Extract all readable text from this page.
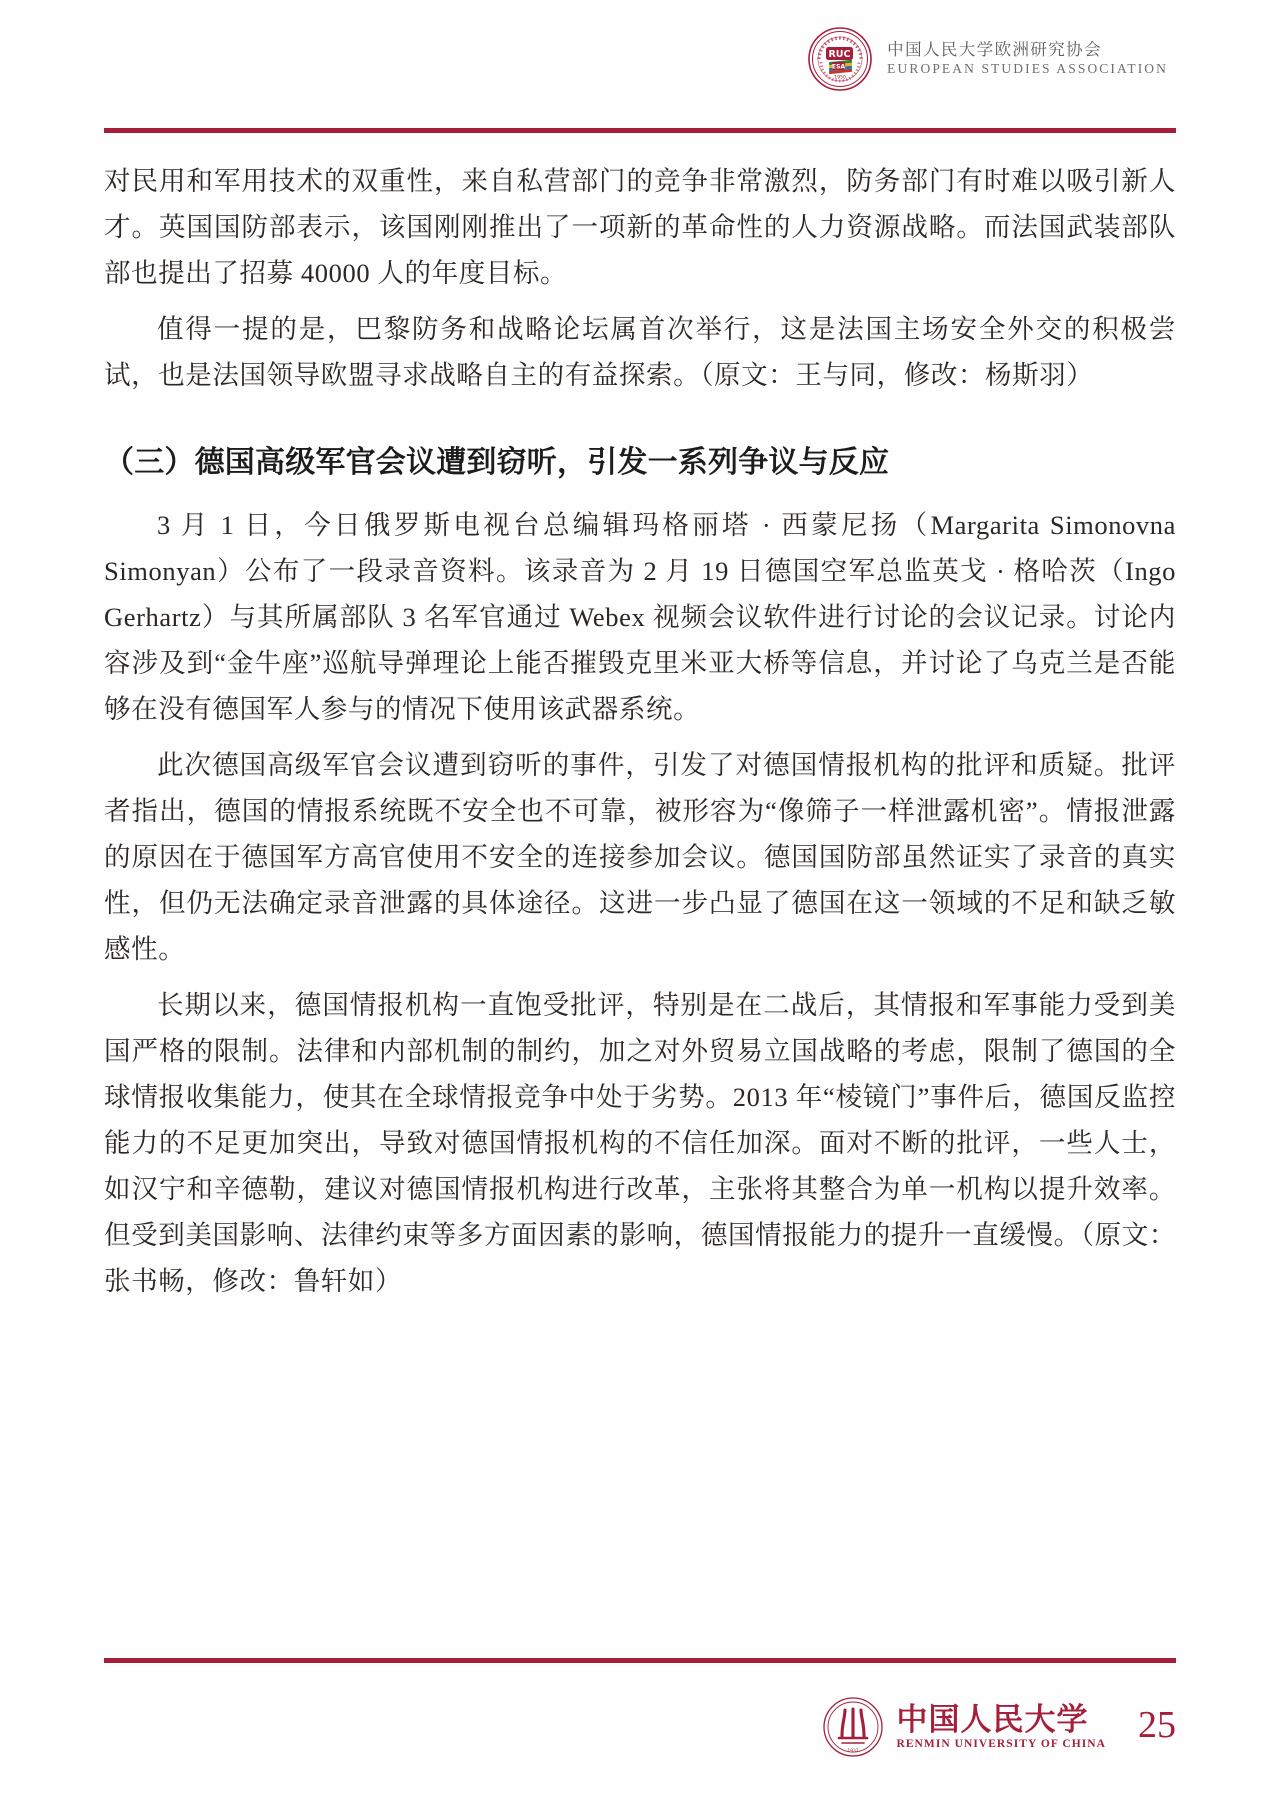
RUC
ESA
1950
中国人民大学欧洲研究协会
EUROPEAN STUDIES ASSOCIATION

对民用和军用技术的双重性，来自私营部门的竞争非常激烈，防务部门有时难以吸引新人才。英国国防部表示，该国刚刚推出了一项新的革命性的人力资源战略。而法国武装部队部也提出了招募 40000 人的年度目标。

值得一提的是，巴黎防务和战略论坛属首次举行，这是法国主场安全外交的积极尝试，也是法国领导欧盟寻求战略自主的有益探索。（原文：王与同，修改：杨斯羽）

（三）德国高级军官会议遭到窃听，引发一系列争议与反应

3 月 1 日，今日俄罗斯电视台总编辑玛格丽塔 · 西蒙尼扬（Margarita Simonovna Simonyan）公布了一段录音资料。该录音为 2 月 19 日德国空军总监英戈 · 格哈茨（Ingo Gerhartz）与其所属部队 3 名军官通过 Webex 视频会议软件进行讨论的会议记录。讨论内容涉及到“金牛座”巡航导弹理论上能否摧毁克里米亚大桥等信息，并讨论了乌克兰是否能够在没有德国军人参与的情况下使用该武器系统。

此次德国高级军官会议遭到窃听的事件，引发了对德国情报机构的批评和质疑。批评者指出，德国的情报系统既不安全也不可靠，被形容为“像筛子一样泄露机密”。情报泄露的原因在于德国军方高官使用不安全的连接参加会议。德国国防部虽然证实了录音的真实性，但仍无法确定录音泄露的具体途径。这进一步凸显了德国在这一领域的不足和缺乏敏感性。

长期以来，德国情报机构一直饱受批评，特别是在二战后，其情报和军事能力受到美国严格的限制。法律和内部机制的制约，加之对外贸易立国战略的考虑，限制了德国的全球情报收集能力，使其在全球情报竞争中处于劣势。2013 年“棱镜门”事件后，德国反监控能力的不足更加突出，导致对德国情报机构的不信任加深。面对不断的批评，一些人士，如汉宁和辛德勒，建议对德国情报机构进行改革，主张将其整合为单一机构以提升效率。但受到美国影响、法律约束等多方面因素的影响，德国情报能力的提升一直缓慢。（原文：张书畅，修改：鲁轩如）

1937
中国人民大学
RENMIN UNIVERSITY OF CHINA 25
